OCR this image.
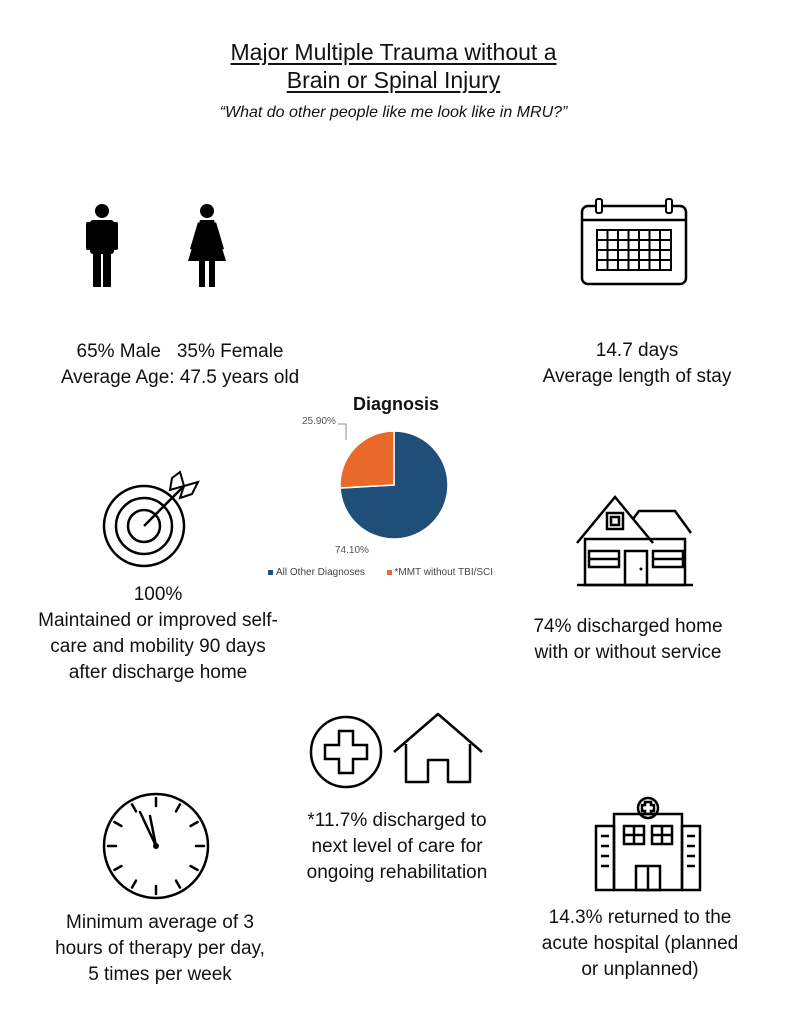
Major Multiple Trauma without a
Brain or Spinal Injury
“What do other people like me look like in MRU?”
65% Male   35% Female
Average Age: 47.5 years old
14.7 days
Average length of stay
Diagnosis
25.90%
74.10%
All Other Diagnoses	*MMT without TBI/SCI
100%
Maintained or improved self-
care and mobility 90 days
after discharge home
74% discharged home
with or without service
*11.7% discharged to
next level of care for
ongoing rehabilitation
Minimum average of 3
hours of therapy per day,
5 times per week
14.3% returned to the
acute hospital (planned
or unplanned)
